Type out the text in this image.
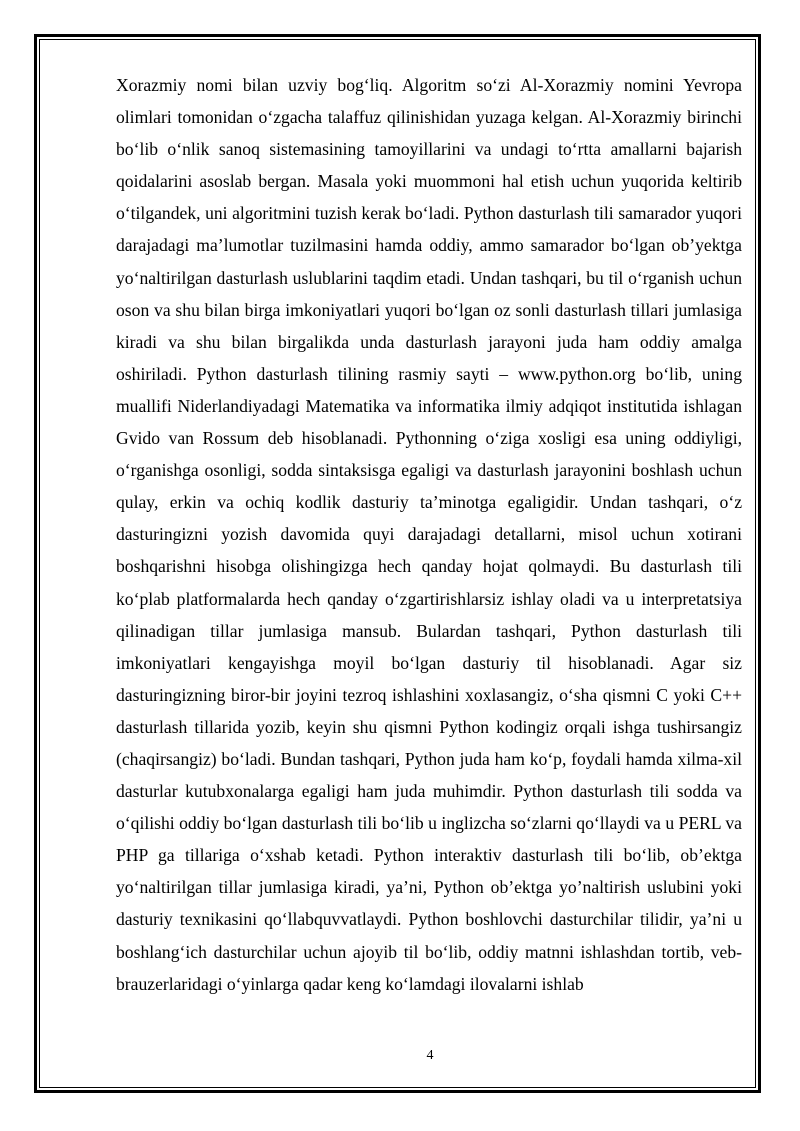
Xorazmiy nomi bilan uzviy bog‘liq. Algoritm so‘zi Al-Xorazmiy nomini Yevropa olimlari tomonidan o‘zgacha talaffuz qilinishidan yuzaga kelgan. Al-Xorazmiy birinchi bo‘lib o‘nlik sanoq sistemasining tamoyillarini va undagi to‘rtta amallarni bajarish qoidalarini asoslab bergan. Masala yoki muommoni hal etish uchun yuqorida keltirib o‘tilgandek, uni algoritmini tuzish kerak bo‘ladi. Python dasturlash tili samarador yuqori darajadagi ma’lumotlar tuzilmasini hamda oddiy, ammo samarador bo‘lgan ob’yektga yo‘naltirilgan dasturlash uslublarini taqdim etadi. Undan tashqari, bu til o‘rganish uchun oson va shu bilan birga imkoniyatlari yuqori bo‘lgan oz sonli dasturlash tillari jumlasiga kiradi va shu bilan birgalikda unda dasturlash jarayoni juda ham oddiy amalga oshiriladi. Python dasturlash tilining rasmiy sayti – www.python.org bo‘lib, uning muallifi Niderlandiyadagi Matematika va informatika ilmiy adqiqot institutida ishlagan Gvido van Rossum deb hisoblanadi. Pythonning o‘ziga xosligi esa uning oddiyligi, o‘rganishga osonligi, sodda sintaksisga egaligi va dasturlash jarayonini boshlash uchun qulay, erkin va ochiq kodlik dasturiy ta’minotga egaligidir. Undan tashqari, o‘z dasturingizni yozish davomida quyi darajadagi detallarni, misol uchun xotirani boshqarishni hisobga olishingizga hech qanday hojat qolmaydi. Bu dasturlash tili ko‘plab platformalarda hech qanday o‘zgartirishlarsiz ishlay oladi va u interpretatsiya qilinadigan tillar jumlasiga mansub. Bulardan tashqari, Python dasturlash tili imkoniyatlari kengayishga moyil bo‘lgan dasturiy til hisoblanadi. Agar siz dasturingizning biror-bir joyini tezroq ishlashini xoxlasangiz, o‘sha qismni C yoki C++ dasturlash tillarida yozib, keyin shu qismni Python kodingiz orqali ishga tushirsangiz (chaqirsangiz) bo‘ladi. Bundan tashqari, Python juda ham ko‘p, foydali hamda xilma-xil dasturlar kutubxonalarga egaligi ham juda muhimdir. Python dasturlash tili sodda va o‘qilishi oddiy bo‘lgan dasturlash tili bo‘lib u inglizcha so‘zlarni qo‘llaydi va u PERL va PHP ga tillariga o‘xshab ketadi. Python interaktiv dasturlash tili bo‘lib, ob’ektga yo‘naltirilgan tillar jumlasiga kiradi, ya’ni, Python ob’ektga yo’naltirish uslubini yoki dasturiy texnikasini qo‘llabquvvatlaydi. Python boshlovchi dasturchilar tilidir, ya’ni u boshlang‘ich dasturchilar uchun ajoyib til bo‘lib, oddiy matnni ishlashdan tortib, veb-brauzerlaridagi o‘yinlarga qadar keng ko‘lamdagi ilovalarni ishlab

4
